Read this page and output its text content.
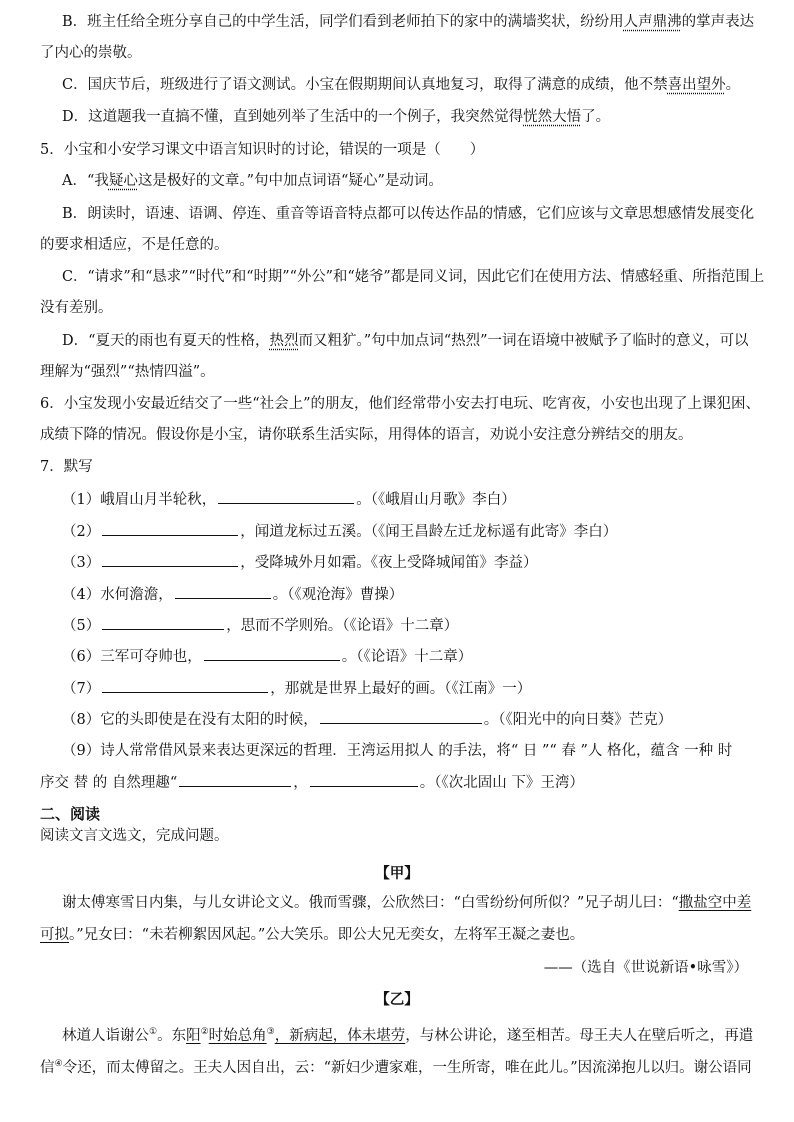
B．班主任给全班分享自己的中学生活，同学们看到老师拍下的家中的满墙奖状，纷纷用人声鼎沸的掌声表达
了内心的崇敬。
C．国庆节后，班级进行了语文测试。小宝在假期期间认真地复习，取得了满意的成绩，他不禁喜出望外。
D．这道题我一直搞不懂，直到她列举了生活中的一个例子，我突然觉得恍然大悟了。
5．小宝和小安学习课文中语言知识时的讨论，错误的一项是（　　）
A．“我疑心这是极好的文章。”句中加点词语“疑心”是动词。
B．朗读时，语速、语调、停连、重音等语音特点都可以传达作品的情感，它们应该与文章思想感情发展变化
的要求相适应，不是任意的。
C．“请求”和“恳求”“时代”和“时期”“外公”和“姥爷”都是同义词，因此它们在使用方法、情感轻重、所指范围上
没有差别。
D．“夏天的雨也有夏天的性格，热烈而又粗犷。”句中加点词“热烈”一词在语境中被赋予了临时的意义，可以
理解为“强烈”“热情四溢”。
6．小宝发现小安最近结交了一些“社会上”的朋友，他们经常带小安去打电玩、吃宵夜，小安也出现了上课犯困、
成绩下降的情况。假设你是小宝，请你联系生活实际，用得体的语言，劝说小安注意分辨结交的朋友。
7．默写
（1）峨眉山月半轮秋，	。（《峨眉山月歌》李白）
（2）	，闻道龙标过五溪。（《闻王昌龄左迁龙标遥有此寄》李白）
（3）	，受降城外月如霜。《夜上受降城闻笛》李益）
（4）水何澹澹，	。（《观沧海》曹操）
（5）	，思而不学则殆。（《论语》十二章）
（6）三军可夺帅也，	。（《论语》十二章）
（7）	，那就是世界上最好的画。（《江南》一）
（8）它的头即使是在没有太阳的时候，	。（《阳光中的向日葵》芒克）
（9）诗人常常借风景来表达更深远的哲理．王湾运用拟人 的手法，将“ 日 ”“ 春 ”人 格化，蕴含 一种 时
序交 替 的 自然理趣“	，	。（《次北固山 下》王湾）
二、阅读
阅读文言文选文，完成问题。
【甲】
谢太傅寒雪日内集，与儿女讲论文义。俄而雪骤，公欣然曰：“白雪纷纷何所似？”兄子胡儿曰：“撒盐空中差
可拟。”兄女曰：“未若柳絮因风起。”公大笑乐。即公大兄无奕女，左将军王凝之妻也。
——（选自《世说新语•咏雪》）
【乙】
林道人诣谢公①。东阳②时始总角③，新病起，体未堪劳，与林公讲论，遂至相苦。母王夫人在壁后听之，再遣
信④令还，而太傅留之。王夫人因自出，云：“新妇少遭家难，一生所寄，唯在此儿。”因流涕抱儿以归。谢公语同
